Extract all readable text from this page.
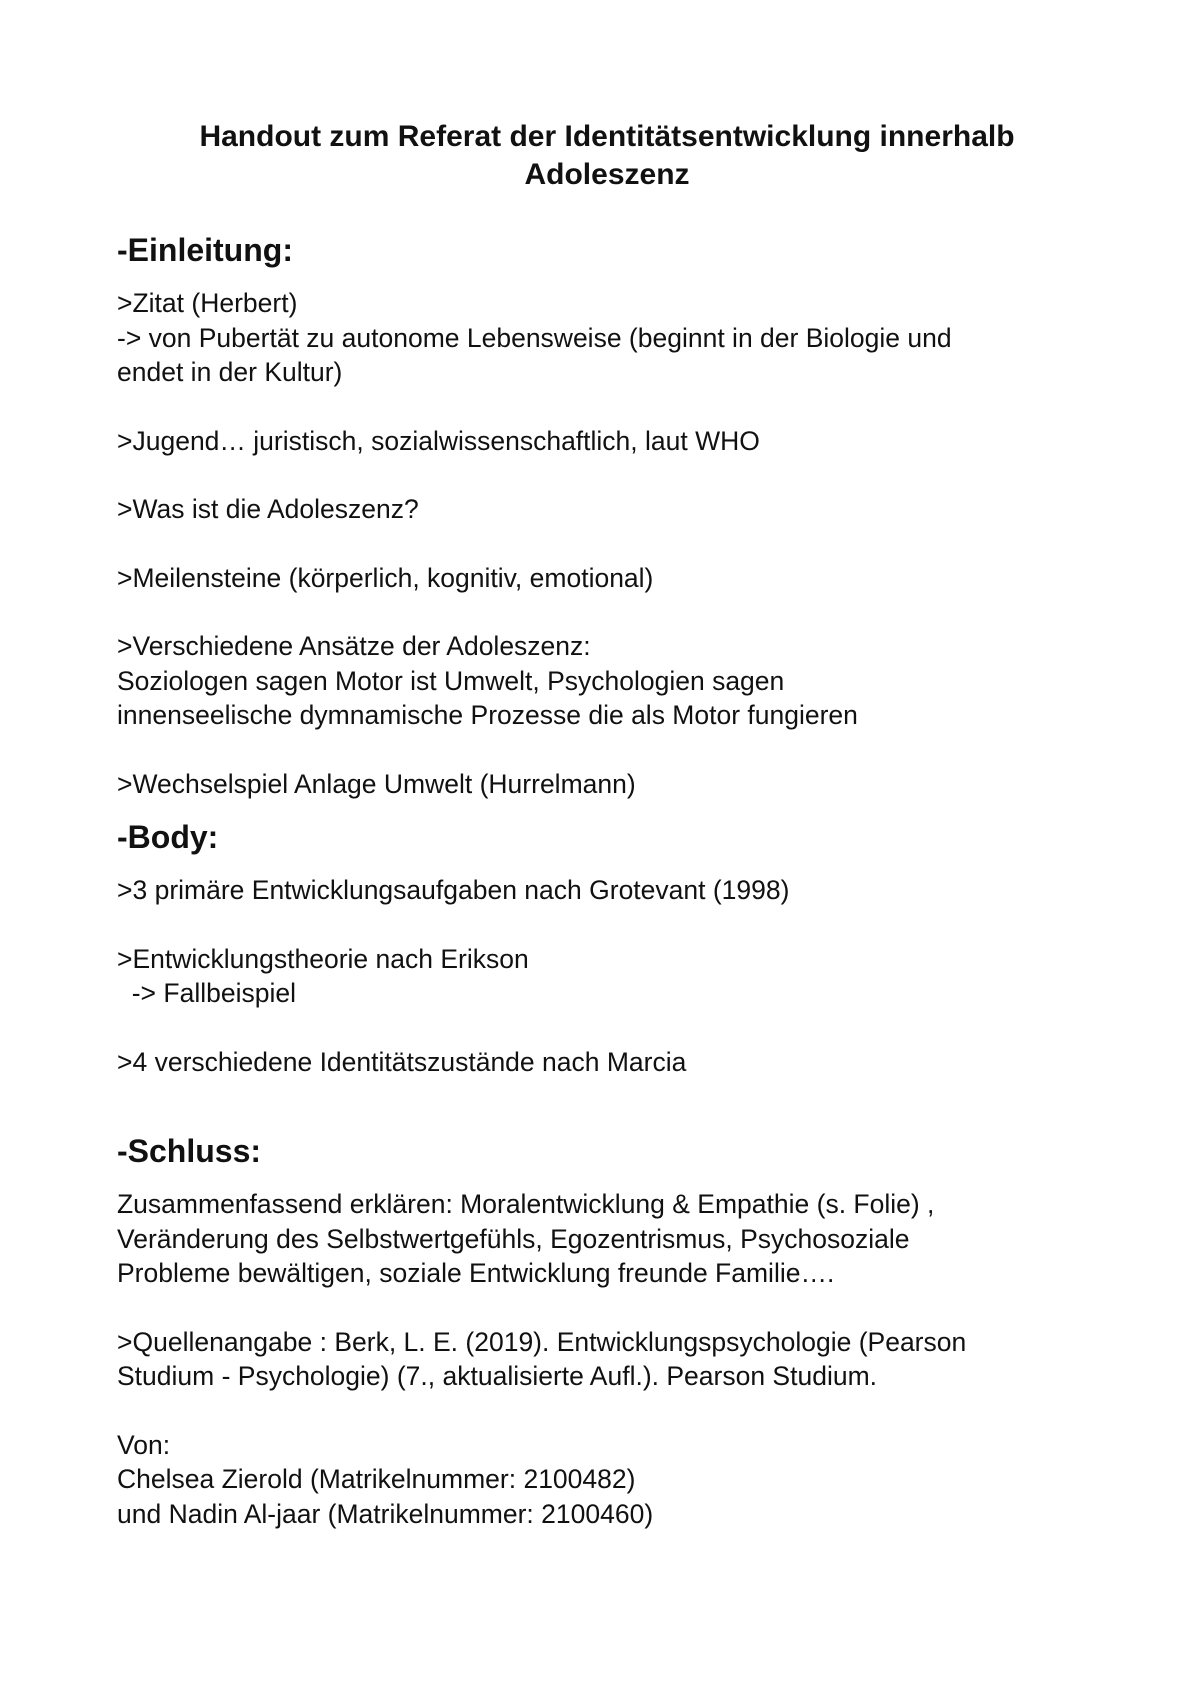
Handout zum Referat der Identitätsentwicklung innerhalb
Adoleszenz
-Einleitung:
>Zitat (Herbert)
-> von Pubertät zu autonome Lebensweise (beginnt in der Biologie und
endet in der Kultur)
>Jugend… juristisch, sozialwissenschaftlich, laut WHO
>Was ist die Adoleszenz?
>Meilensteine (körperlich, kognitiv, emotional)
>Verschiedene Ansätze der Adoleszenz:
Soziologen sagen Motor ist Umwelt, Psychologien sagen
innenseelische dymnamische Prozesse die als Motor fungieren
>Wechselspiel Anlage Umwelt (Hurrelmann)
-Body:
>3 primäre Entwicklungsaufgaben nach Grotevant (1998)
>Entwicklungstheorie nach Erikson
-> Fallbeispiel
>4 verschiedene Identitätszustände nach Marcia
-Schluss:
Zusammenfassend erklären: Moralentwicklung & Empathie (s. Folie) ,
Veränderung des Selbstwertgefühls, Egozentrismus, Psychosoziale
Probleme bewältigen, soziale Entwicklung freunde Familie….
>Quellenangabe : Berk, L. E. (2019). Entwicklungspsychologie (Pearson
Studium - Psychologie) (7., aktualisierte Aufl.). Pearson Studium.
Von:
Chelsea Zierold (Matrikelnummer: 2100482)
und Nadin Al-jaar (Matrikelnummer: 2100460)
